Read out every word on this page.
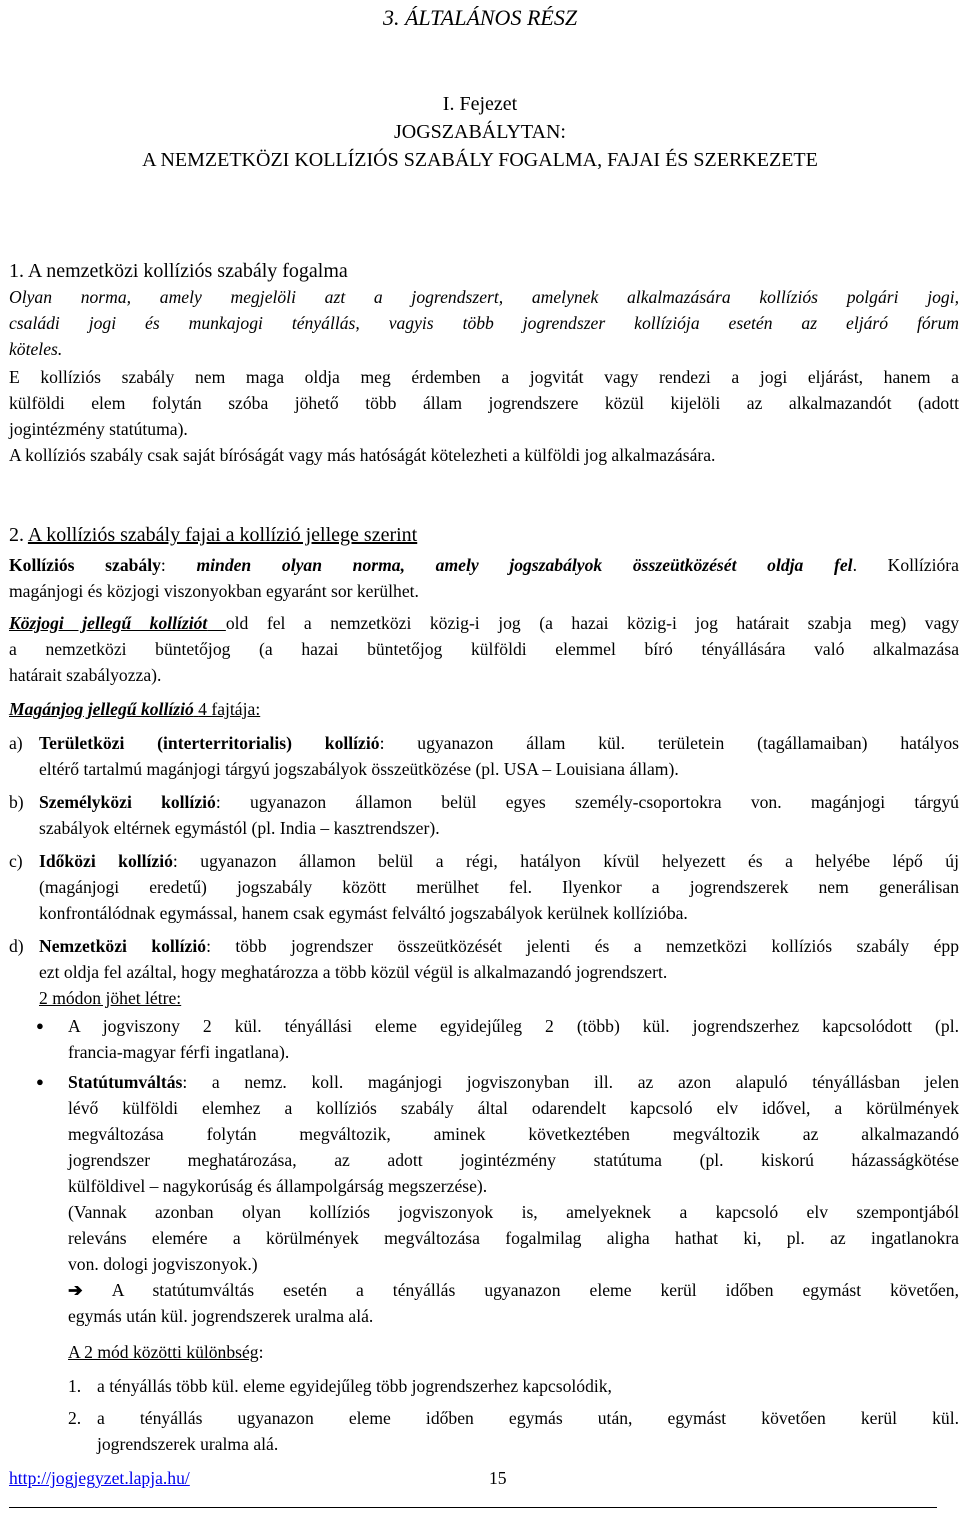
3. ÁLTALÁNOS RÉSZ
I. Fejezet
JOGSZABÁLYTAN:
A NEMZETKÖZI KOLLÍZIÓS SZABÁLY FOGALMA, FAJAI ÉS SZERKEZETE
1. A nemzetközi kollíziós szabály fogalma
Olyan norma, amely megjelöli azt a jogrendszert, amelynek alkalmazására kollíziós polgári jogi,
családi jogi és munkajogi tényállás, vagyis több jogrendszer kollíziója esetén az eljáró fórum
köteles.
E kollíziós szabály nem maga oldja meg érdemben a jogvitát vagy rendezi a jogi eljárást, hanem a
külföldi elem folytán szóba jöhető több állam jogrendszere közül kijelöli az alkalmazandót (adott
jogintézmény statútuma).
A kollíziós szabály csak saját bíróságát vagy más hatóságát kötelezheti a külföldi jog alkalmazására.
2. A kollíziós szabály fajai a kollízió jellege szerint
Kollíziós szabály: minden olyan norma, amely jogszabályok összeütközését oldja fel. Kollízióra
magánjogi és közjogi viszonyokban egyaránt sor kerülhet.
Közjogi jellegű kollíziót old fel a nemzetközi közig-i jog (a hazai közig-i jog határait szabja meg) vagy
a nemzetközi büntetőjog (a hazai büntetőjog külföldi elemmel bíró tényállására való alkalmazása
határait szabályozza).
Magánjog jellegű kollízió 4 fajtája:
a) Területközi (interterritorialis) kollízió: ugyanazon állam kül. területein (tagállamaiban) hatályos
eltérő tartalmú magánjogi tárgyú jogszabályok összeütközése (pl. USA – Louisiana állam).
b) Személyközi kollízió: ugyanazon államon belül egyes személy-csoportokra von. magánjogi tárgyú
szabályok eltérnek egymástól (pl. India – kasztrendszer).
c) Időközi kollízió: ugyanazon államon belül a régi, hatályon kívül helyezett és a helyébe lépő új
(magánjogi eredetű) jogszabály között merülhet fel. Ilyenkor a jogrendszerek nem generálisan
konfrontálódnak egymással, hanem csak egymást felváltó jogszabályok kerülnek kollízióba.
d) Nemzetközi kollízió: több jogrendszer összeütközését jelenti és a nemzetközi kollíziós szabály épp
ezt oldja fel azáltal, hogy meghatározza a több közül végül is alkalmazandó jogrendszert.
2 módon jöhet létre:
● A jogviszony 2 kül. tényállási eleme egyidejűleg 2 (több) kül. jogrendszerhez kapcsolódott (pl.
francia-magyar férfi ingatlana).
● Statútumváltás: a nemz. koll. magánjogi jogviszonyban ill. az azon alapuló tényállásban jelen
lévő külföldi elemhez a kollíziós szabály által odarendelt kapcsoló elv idővel, a körülmények
megváltozása folytán megváltozik, aminek következtében megváltozik az alkalmazandó
jogrendszer meghatározása, az adott jogintézmény statútuma (pl. kiskorú házasságkötése
külföldivel – nagykorúság és állampolgárság megszerzése).
(Vannak azonban olyan kollíziós jogviszonyok is, amelyeknek a kapcsoló elv szempontjából
releváns elemére a körülmények megváltozása fogalmilag aligha hathat ki, pl. az ingatlanokra
von. dologi jogviszonyok.)
➔ A statútumváltás esetén a tényállás ugyanazon eleme kerül időben egymást követően,
egymás után kül. jogrendszerek uralma alá.
A 2 mód közötti különbség:
1. a tényállás több kül. eleme egyidejűleg több jogrendszerhez kapcsolódik,
2. a tényállás ugyanazon eleme időben egymás után, egymást követően kerül kül.
jogrendszerek uralma alá.
http://jogjegyzet.lapja.hu/	15
